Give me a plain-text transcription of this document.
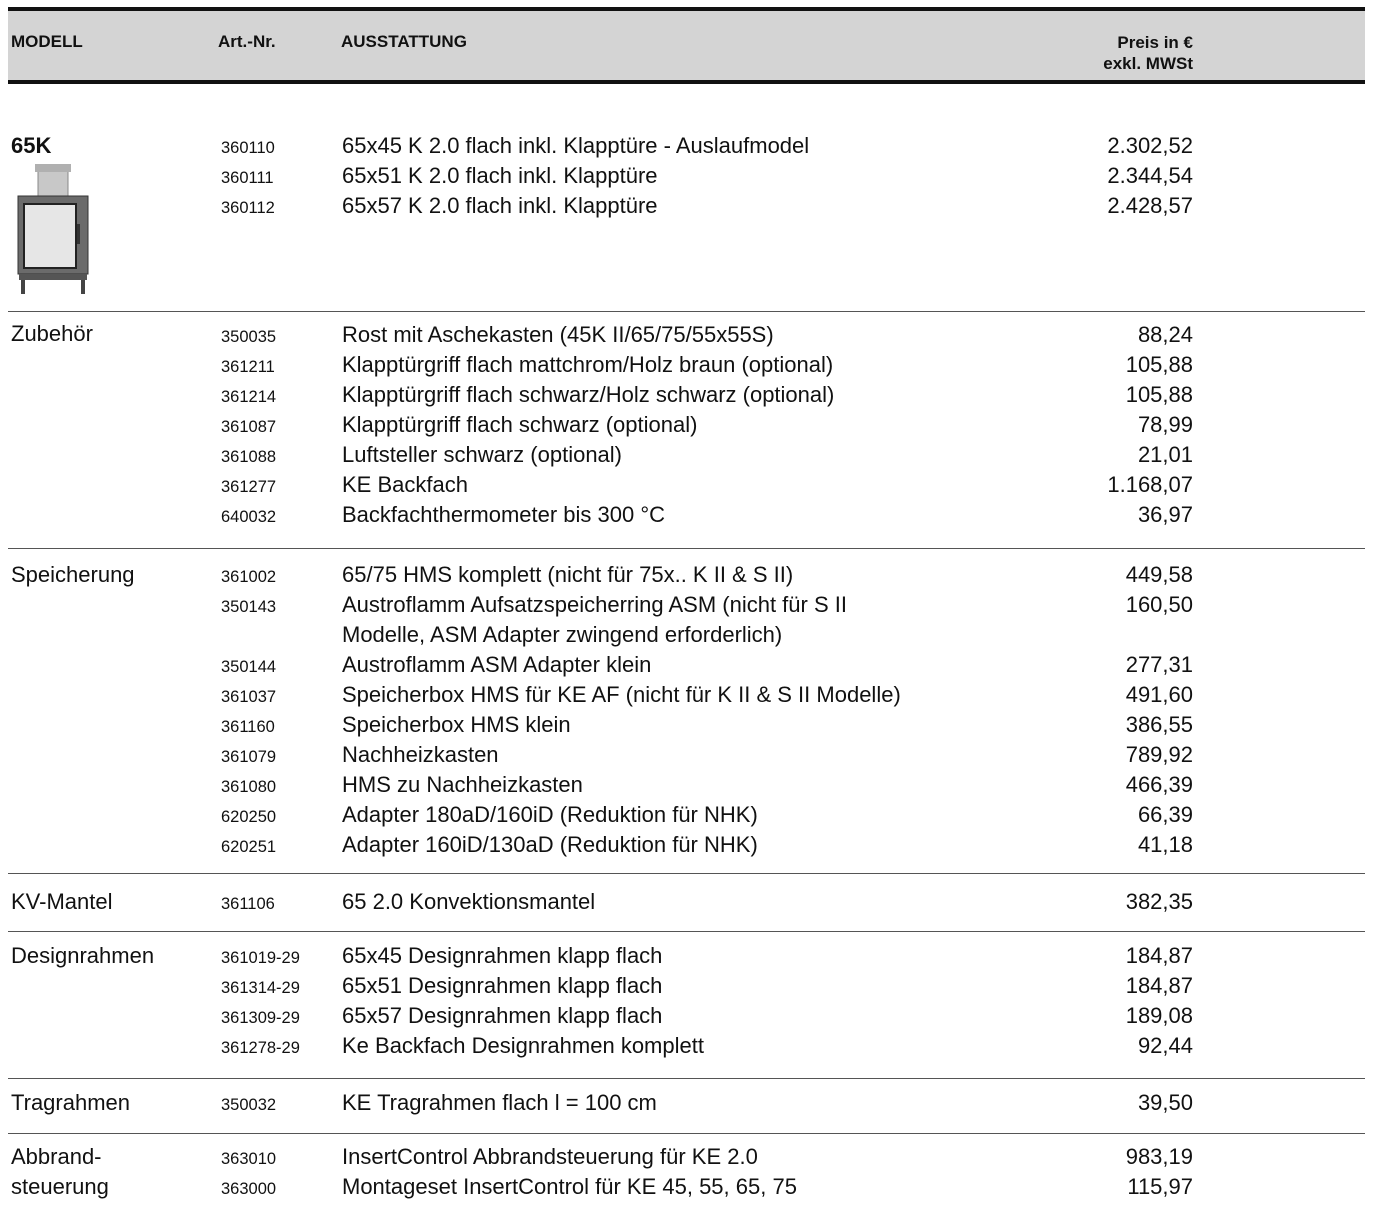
MODELL	Art.-Nr.	AUSSTATTUNG	Preis in €
exkl. MWSt
65K	360110	65x45 K 2.0 flach inkl. Klapptüre - Auslaufmodel	2.302,52
360111	65x51 K 2.0 flach inkl. Klapptüre	2.344,54
360112	65x57 K 2.0 flach inkl. Klapptüre	2.428,57
Zubehör	350035	Rost mit Aschekasten (45K II/65/75/55x55S)	88,24
361211	Klapptürgriff flach mattchrom/Holz braun (optional)	105,88
361214	Klapptürgriff flach schwarz/Holz schwarz (optional)	105,88
361087	Klapptürgriff flach schwarz (optional)	78,99
361088	Luftsteller schwarz (optional)	21,01
361277	KE Backfach	1.168,07
640032	Backfachthermometer bis 300 °C	36,97
Speicherung	361002	65/75 HMS komplett (nicht für 75x.. K II & S II)	449,58
350143	Austroflamm Aufsatzspeicherring ASM (nicht für S II	160,50
Modelle, ASM Adapter zwingend erforderlich)
350144	Austroflamm ASM Adapter klein	277,31
361037	Speicherbox HMS für KE AF (nicht für K II & S II Modelle)	491,60
361160	Speicherbox HMS klein	386,55
361079	Nachheizkasten	789,92
361080	HMS zu Nachheizkasten	466,39
620250	Adapter 180aD/160iD (Reduktion für NHK)	66,39
620251	Adapter 160iD/130aD (Reduktion für NHK)	41,18
KV-Mantel	361106	65 2.0 Konvektionsmantel	382,35
Designrahmen	361019-29 65x45 Designrahmen klapp flach	184,87
361314-29 65x51 Designrahmen klapp flach	184,87
361309-29 65x57 Designrahmen klapp flach	189,08
361278-29 Ke Backfach Designrahmen komplett	92,44
Tragrahmen	350032	KE Tragrahmen flach l = 100 cm	39,50
Abbrand-
steuerung
363010	InsertControl Abbrandsteuerung für KE 2.0	983,19
363000	Montageset InsertControl für KE 45, 55, 65, 75	115,97
